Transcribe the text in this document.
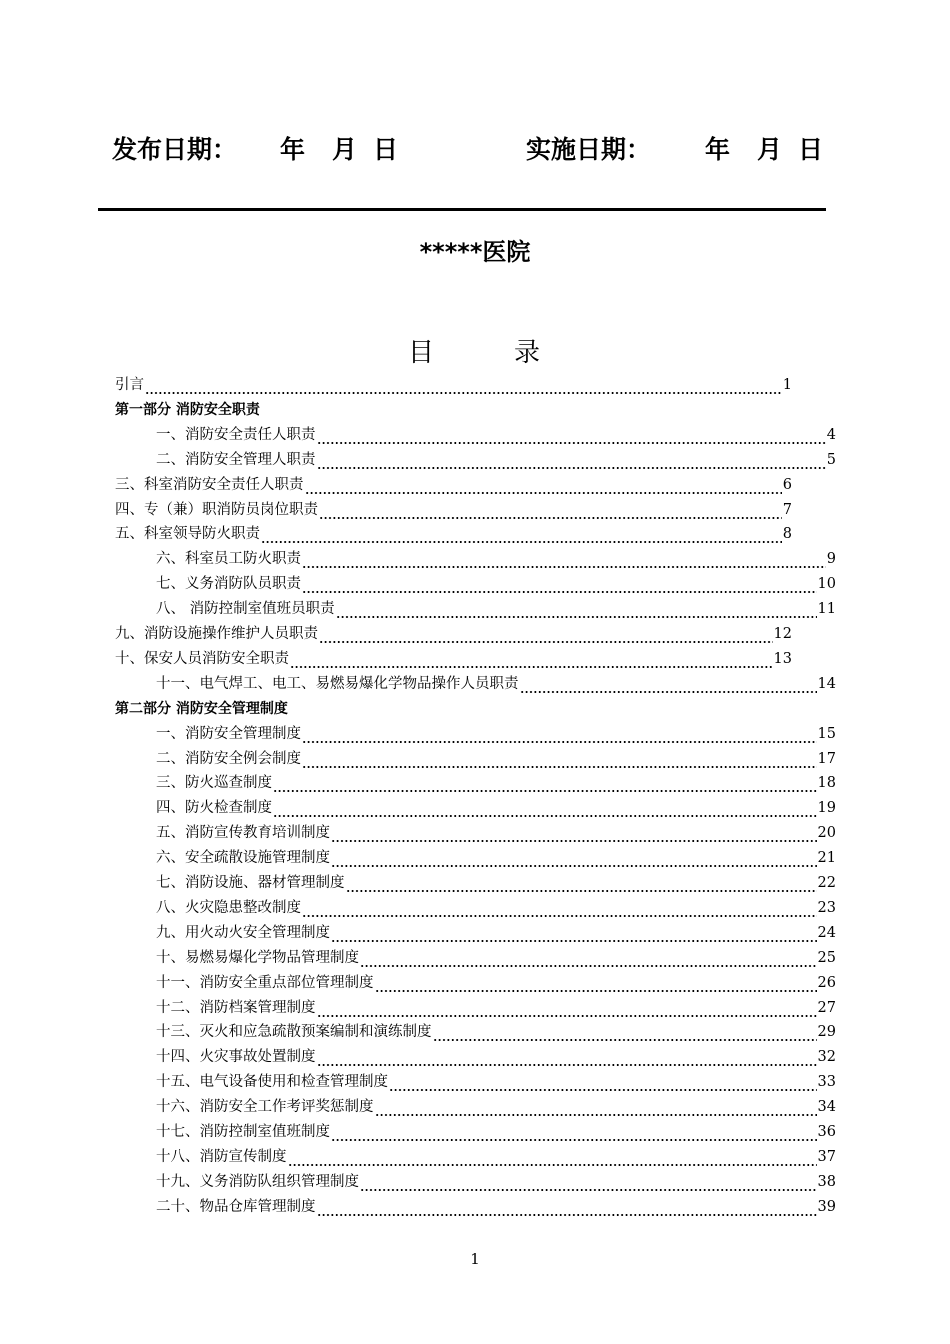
发布日期： 年 月 日	实施日期： 年 月 日
*****医院
目	录
引言	1
第一部分 消防安全职责
一、消防安全责任人职责	4
二、消防安全管理人职责	5
三、科室消防安全责任人职责	6
四、专（兼）职消防员岗位职责	7
五、科室领导防火职责	8
六、科室员工防火职责	9
七、义务消防队员职责	10
八、 消防控制室值班员职责	11
九、消防设施操作维护人员职责	12
十、保安人员消防安全职责	13
十一、电气焊工、电工、易燃易爆化学物品操作人员职责	14
第二部分 消防安全管理制度
一、消防安全管理制度	15
二、消防安全例会制度	17
三、防火巡查制度	18
四、防火检查制度	19
五、消防宣传教育培训制度	20
六、安全疏散设施管理制度	21
七、消防设施、器材管理制度	22
八、火灾隐患整改制度	23
九、用火动火安全管理制度	24
十、易燃易爆化学物品管理制度	25
十一、消防安全重点部位管理制度	26
十二、消防档案管理制度	27
十三、灭火和应急疏散预案编制和演练制度	29
十四、火灾事故处置制度	32
十五、电气设备使用和检查管理制度	33
十六、消防安全工作考评奖惩制度	34
十七、消防控制室值班制度	36
十八、消防宣传制度	37
十九、义务消防队组织管理制度	38
二十、物品仓库管理制度	39
1
